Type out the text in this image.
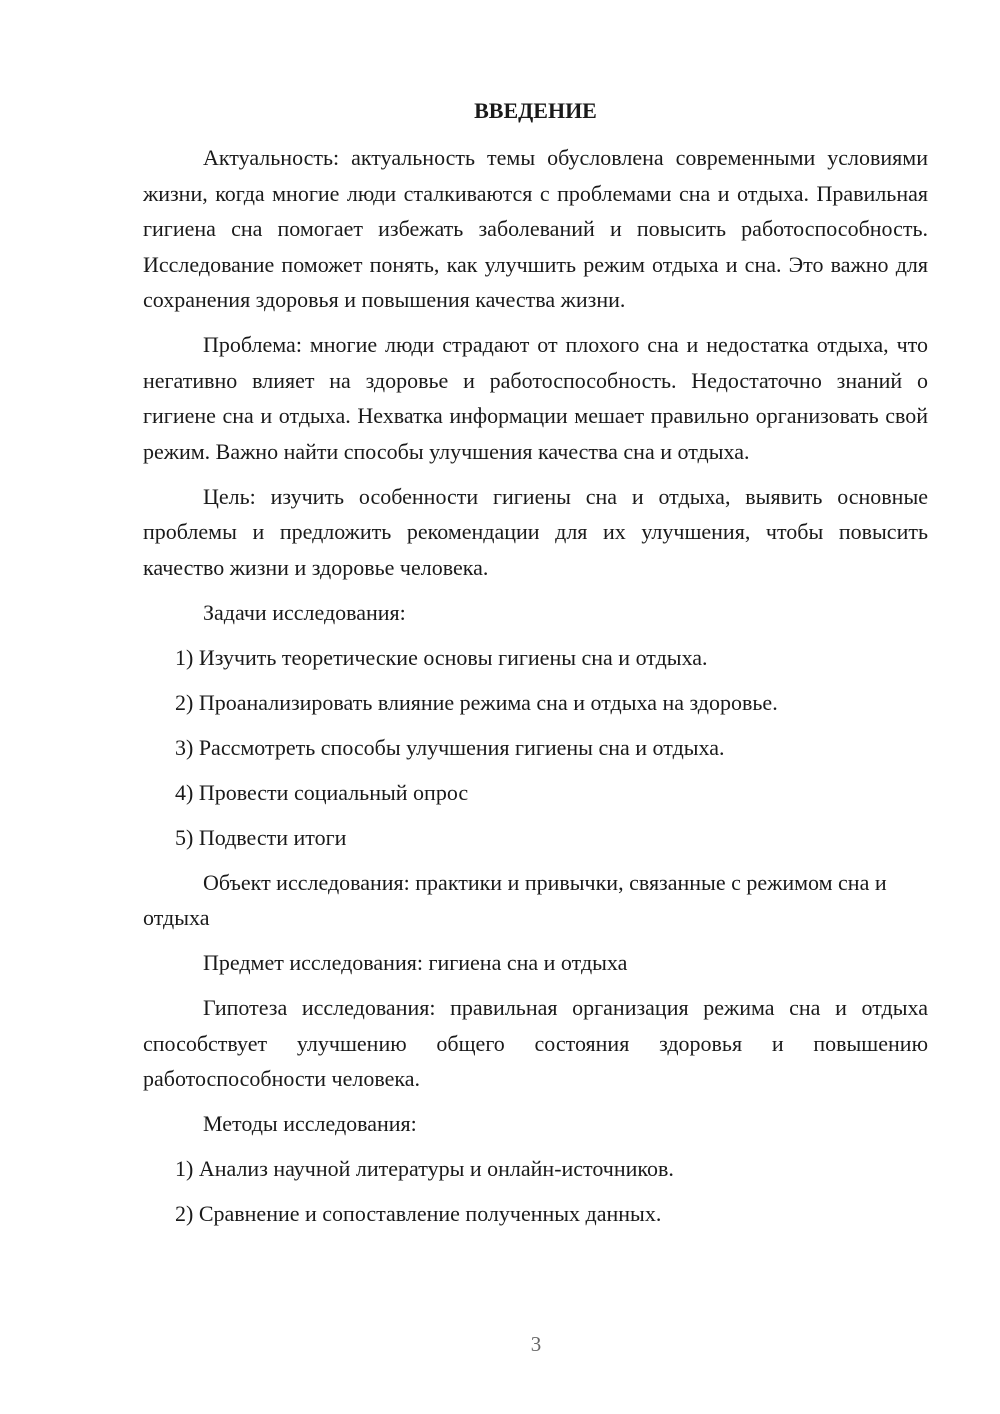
ВВЕДЕНИЕ

Актуальность: актуальность темы обусловлена современными условиями жизни, когда многие люди сталкиваются с проблемами сна и отдыха. Правильная гигиена сна помогает избежать заболеваний и повысить работоспособность. Исследование поможет понять, как улучшить режим отдыха и сна. Это важно для сохранения здоровья и повышения качества жизни.

Проблема: многие люди страдают от плохого сна и недостатка отдыха, что негативно влияет на здоровье и работоспособность. Недостаточно знаний о гигиене сна и отдыха. Нехватка информации мешает правильно организовать свой режим. Важно найти способы улучшения качества сна и отдыха.

Цель: изучить особенности гигиены сна и отдыха, выявить основные проблемы и предложить рекомендации для их улучшения, чтобы повысить качество жизни и здоровье человека.

Задачи исследования:

1) Изучить теоретические основы гигиены сна и отдыха.
2) Проанализировать влияние режима сна и отдыха на здоровье.
3) Рассмотреть способы улучшения гигиены сна и отдыха.
4) Провести социальный опрос
5) Подвести итоги

Объект исследования: практики и привычки, связанные с режимом сна и отдыха

Предмет исследования: гигиена сна и отдыха

Гипотеза исследования: правильная организация режима сна и отдыха способствует улучшению общего состояния здоровья и повышению работоспособности человека.

Методы исследования:

1) Анализ научной литературы и онлайн-источников.
2) Сравнение и сопоставление полученных данных.
3
